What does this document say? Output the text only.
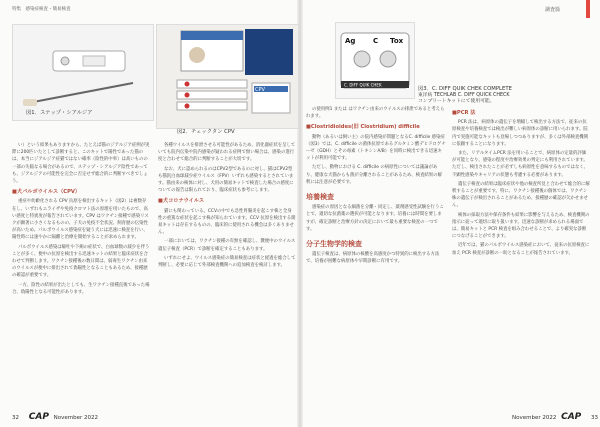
特集　感染症検査・簡易検査	調査篇
図1．ステップ・シアルジア
CPV
図2．チェックタン CPV
Ag	C Tox
C. DIFF QUIK CHEK
図3．C. DIFF QUIK CHEK COMPLETE
東洋紡 TECHLAB C. DIFF QUICK CHECK
コンプリートキットにて使用可能。

い）という結果もありますから、たとえば猫のジアルジア症例が実際に200匹いたとして診断すると、このキットで陽性であった猫のは、本当にジアルジア症猫ではない確率（陰性的中率）は高いものの一部の失陥なる場合があるので、ステップ・シアルジア陰性であっても、ジアルジアの可能性を完全に否定せず総合的に判断すべきでしょう。

■犬パルボウイルス（CPV）

重症や幼齢化される CPV 抗原を検出するキット（図2）は複数存在し、いずれもエライザや免疫クロマト法の原理を用いたもので、高い感度と特異度が報告されています。CPV はワクチン接種で感染リスクが顕著に小さくなるものの、子犬の免疫不全状況、飼育歴の伝染性が高いため、パルボウイルス感染症を疑う犬には迅速に検査を行い、陽性時には速やかに隔離と治療を開始することが求められます。

パルボウイルス感染は嘔吐や下痢の症状で、白血球数の減少を伴うことが多く、便中の抗原を検出する迅速キットの結果と臨床症状を合わせて判断します。ワクチン接種後の数日間は、弱毒生ワクチン由来のウイルスが便中に排出されて偽陽性となることもあるため、接種歴の確認が重要です。

一方、陰性の結果が出たとしても、生ワクチン接種直後であった場合、偽陽性となる可能性があります。

各種ウイルスを排泄させる可能性があるため、消化器症状を呈していても院内伝染や院内感染が疑われる症例で無い場合は、感染の進行度と合わせて総合的に判断することが大切です。

なお、犬に認められるのはCPV2型であるのに対し、猫はCPV2型も猫汎白血球減少症ウイルス（FPV）いずれも感染するとされています。猫由来の検体に対し、犬用の簡易キットで検査した場合の感度についての報告は限られており、臨床症状も参考にします。

■犬コロナウイルス

猫にも関わっている。CCVの中でも急性胃腸炎を起こす株と全身性の重篤な症状を起こす株が知られています。CCV 抗原を検出する簡易キットは存在するものの、臨床的に使用される機会は多くありません。

一部においては、ワクチン接種の有無を確認し、糞便中のウイルス遺伝子検査（PCR）で診断を確定することもあります。

いずれにせよ、ウイルス感染症の簡易検査は症状と経過を総合して判断し、必要に応じて外部検査機関への追加検査を検討します。

の使用例1 または はワクチン由来のウイルスの排泄であると考えられます。

■Clostridioides(旧 Clostridium) difficile

動物（あるいは飼い主）の院内感染が問題となるC. difficile 感染症（図3）では、C. difficile の菌体抗原であるグルタミン酸デヒドロゲナーゼ（GDH）とその毒素（トキシンA/B）を同時に検出できる迅速キットが利用可能です。

ただし、動物における C. difficile の病原性については議論があり、健康な犬猫からも菌が分離されることがあるため、検査結果の解釈には注意が必要です。

培養検査

感染症の原因となる細菌を分離・同定し、薬剤感受性試験を行うことで、適切な抗菌薬の選択が可能となります。培養には時間を要しますが、確定診断と治療方針の決定において最も重要な検査の一つです。

分子生物学的検査

遺伝子検査は、病原体の核酸を高感度かつ特異的に検出する方法で、培養が困難な病原体や早期診断に有用です。

■PCR 法

PCR 法は、病原体の遺伝子を増幅して検出する方法で、従来の抗原検査や培養検査では検出が難しい病原体の診断に用いられます。院内で実施可能なキットも登場しつつありますが、多くは外部検査機関に依頼することになります。

また、リアルタイムPCR 法を用いることで、病原体の定量的評価が可能となり、感染の程度や治療効果の判定にも利用されています。ただし、検出されたことが必ずしも病原性を意味するものではなく、不顕性感染やキャリアの状態も考慮する必要があります。

遺伝子検査の結果は臨床症状や他の検査所見と合わせて総合的に解釈することが重要です。特に、ワクチン接種後の個体では、ワクチン株の遺伝子が検出されることがあるため、接種歴の確認が欠かせません。

検体の採取方法や保存条件も結果に影響を与えるため、検査機関の指示に従って適切に取り扱います。迅速な診断が求められる場面では、簡易キットと PCR 検査を組み合わせることで、より確実な診断につなげることができます。

近年では、猫のパルボウイルス感染症において、従来の抗原検査に加え PCR 検査が診断の一助となることが報告されています。

32 CAP November 2022	November 2022 CAP 33
